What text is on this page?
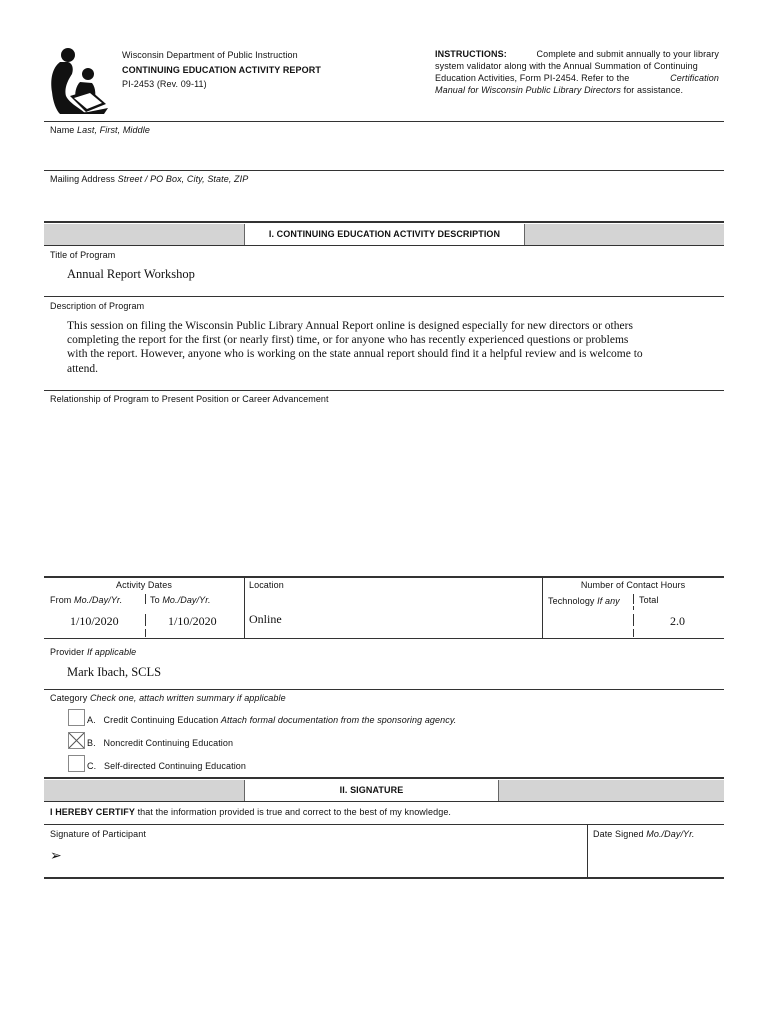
Wisconsin Department of Public Instruction
CONTINUING EDUCATION ACTIVITY REPORT
PI-2453 (Rev. 09-11)
INSTRUCTIONS:	Complete and submit annually to your library
system validator along with the Annual Summation of Continuing
Education Activities, Form PI-2454. Refer to the	Certification
Manual for Wisconsin Public Library Directors for assistance.
Name Last, First, Middle
Mailing Address Street / PO Box, City, State, ZIP
I. CONTINUING EDUCATION ACTIVITY DESCRIPTION
Title of Program
Annual Report Workshop
Description of Program
This session on filing the Wisconsin Public Library Annual Report online is designed especially for new directors or others
completing the report for the first (or nearly first) time, or for anyone who has recently experienced questions or problems
with the report. However, anyone who is working on the state annual report should find it a helpful review and is welcome to
attend.
Relationship of Program to Present Position or Career Advancement
Activity Dates
From Mo./Day/Yr.	To Mo./Day/Yr.
1/10/2020	1/10/2020
Location
Online
Number of Contact Hours
Technology If any Total
2.0
Provider If applicable
Mark Ibach, SCLS
Category Check one, attach written summary if applicable
A. Credit Continuing Education Attach formal documentation from the sponsoring agency.
B. Noncredit Continuing Education
C. Self-directed Continuing Education
II. SIGNATURE
I HEREBY CERTIFY that the information provided is true and correct to the best of my knowledge.
Signature of Participant
➢
Date Signed Mo./Day/Yr.
